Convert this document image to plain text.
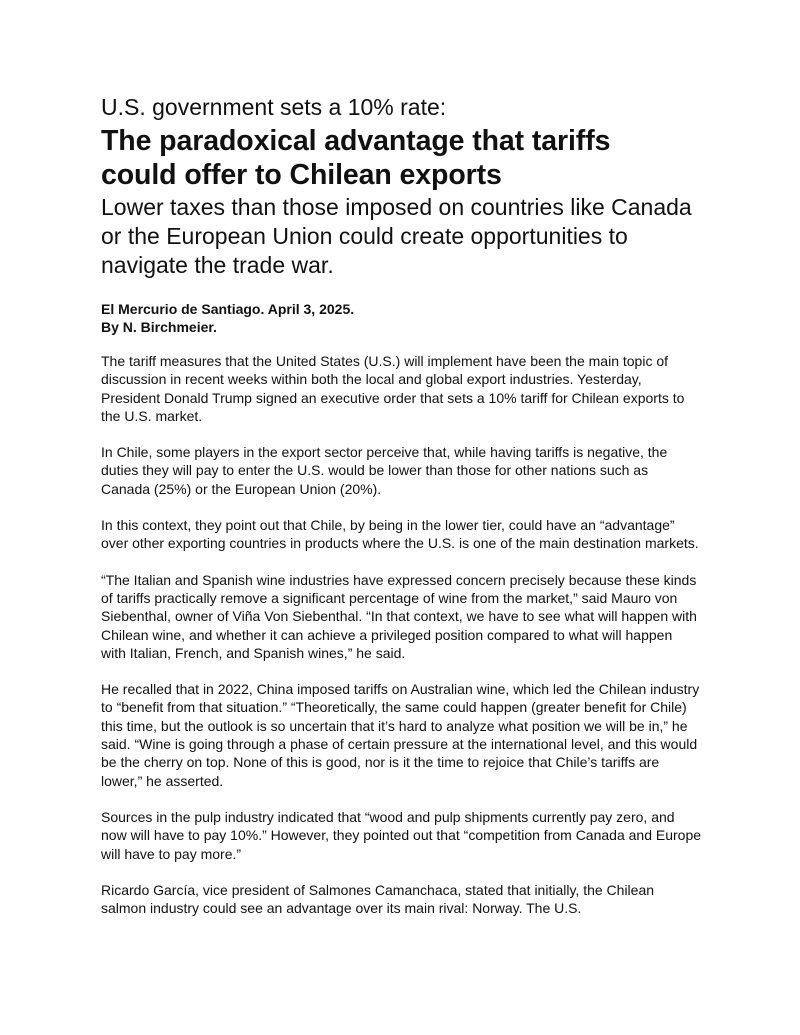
U.S. government sets a 10% rate:
The paradoxical advantage that tariffs
could offer to Chilean exports
Lower taxes than those imposed on countries like Canada or the European Union could create opportunities to navigate the trade war.
El Mercurio de Santiago. April 3, 2025.
By N. Birchmeier.

The tariff measures that the United States (U.S.) will implement have been the main topic of discussion in recent weeks within both the local and global export industries. Yesterday, President Donald Trump signed an executive order that sets a 10% tariff for Chilean exports to the U.S. market.

In Chile, some players in the export sector perceive that, while having tariffs is negative, the duties they will pay to enter the U.S. would be lower than those for other nations such as Canada (25%) or the European Union (20%).

In this context, they point out that Chile, by being in the lower tier, could have an “advantage” over other exporting countries in products where the U.S. is one of the main destination markets.

“The Italian and Spanish wine industries have expressed concern precisely because these kinds of tariffs practically remove a significant percentage of wine from the market,” said Mauro von Siebenthal, owner of Viña Von Siebenthal. “In that context, we have to see what will happen with Chilean wine, and whether it can achieve a privileged position compared to what will happen with Italian, French, and Spanish wines,” he said.

He recalled that in 2022, China imposed tariffs on Australian wine, which led the Chilean industry to “benefit from that situation.” “Theoretically, the same could happen (greater benefit for Chile) this time, but the outlook is so uncertain that it’s hard to analyze what position we will be in,” he said. “Wine is going through a phase of certain pressure at the international level, and this would be the cherry on top. None of this is good, nor is it the time to rejoice that Chile’s tariffs are lower,” he asserted.

Sources in the pulp industry indicated that “wood and pulp shipments currently pay zero, and now will have to pay 10%.” However, they pointed out that “competition from Canada and Europe will have to pay more.”

Ricardo García, vice president of Salmones Camanchaca, stated that initially, the Chilean salmon industry could see an advantage over its main rival: Norway. The U.S.
